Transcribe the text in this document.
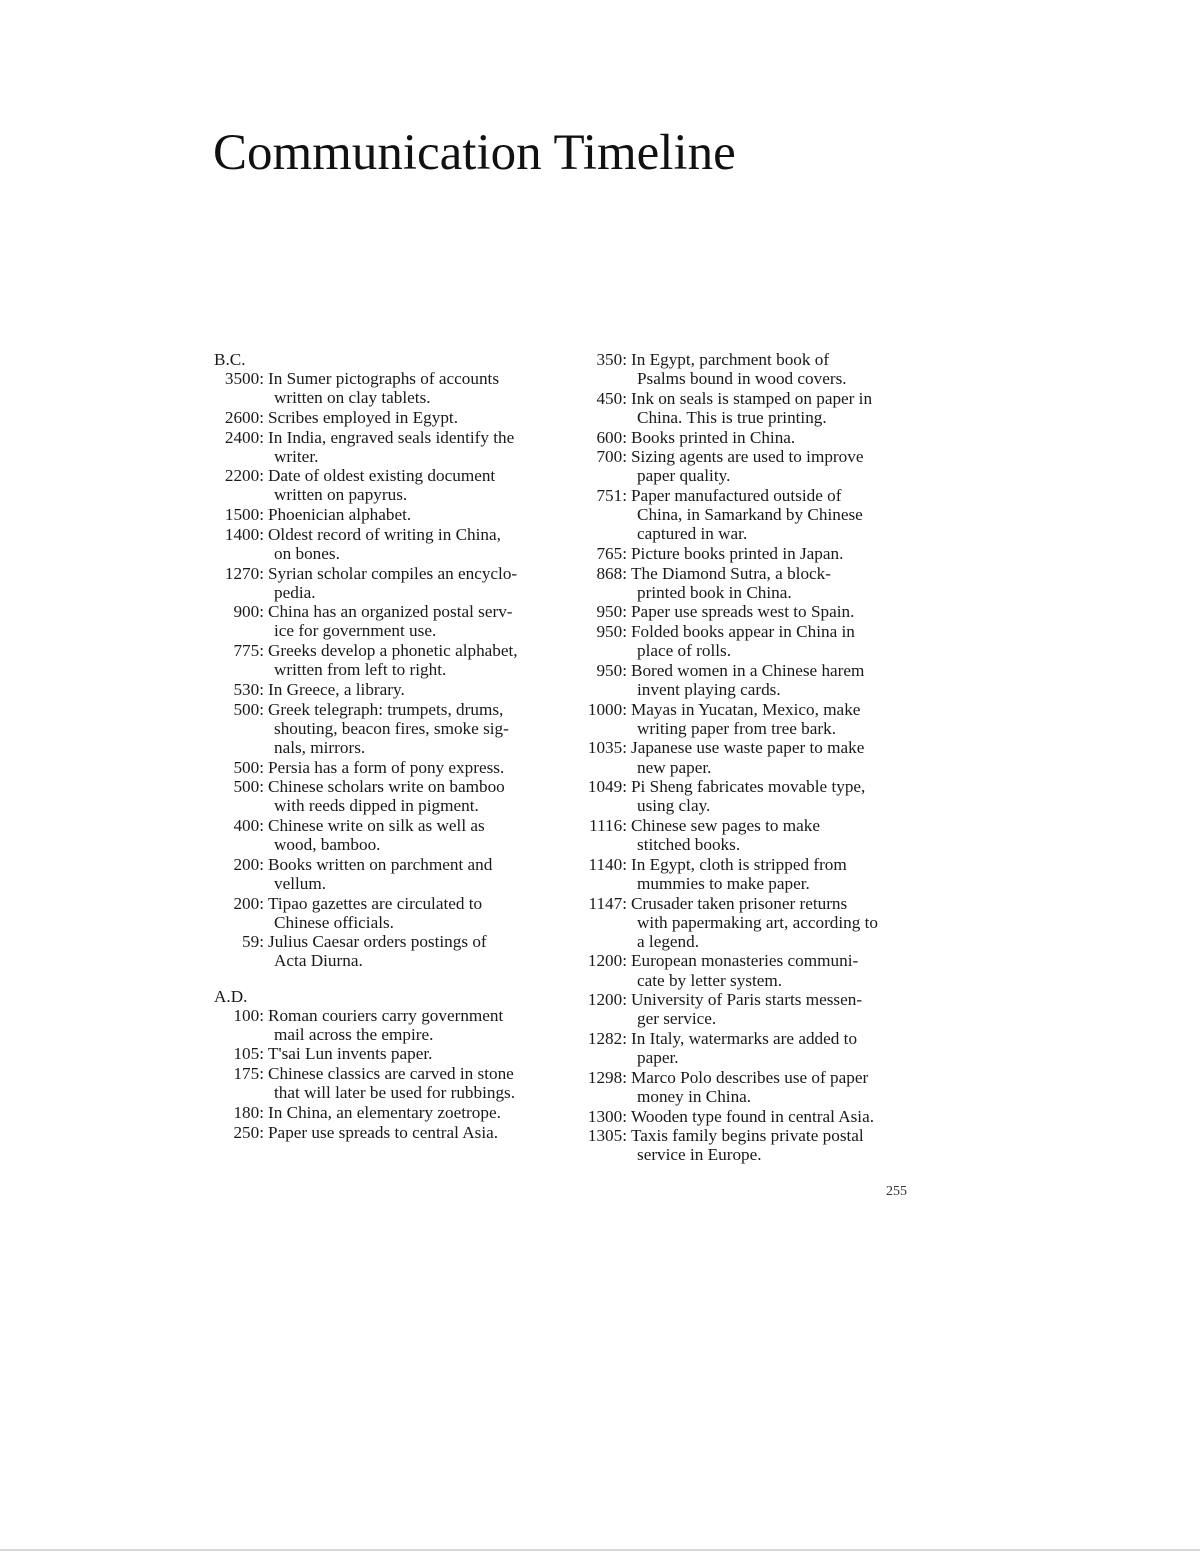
Communication Timeline
B.C.
3500: In Sumer pictographs of accounts
written on clay tablets.
2600: Scribes employed in Egypt.
2400: In India, engraved seals identify the
writer.
2200: Date of oldest existing document
written on papyrus.
1500: Phoenician alphabet.
1400: Oldest record of writing in China,
on bones.
1270: Syrian scholar compiles an encyclo-
pedia.
900: China has an organized postal serv-
ice for government use.
775: Greeks develop a phonetic alphabet,
written from left to right.
530: In Greece, a library.
500: Greek telegraph: trumpets, drums,
shouting, beacon fires, smoke sig-
nals, mirrors.
500: Persia has a form of pony express.
500: Chinese scholars write on bamboo
with reeds dipped in pigment.
400: Chinese write on silk as well as
wood, bamboo.
200: Books written on parchment and
vellum.
200: Tipao gazettes are circulated to
Chinese officials.
59: Julius Caesar orders postings of
Acta Diurna.
A.D.
100: Roman couriers carry government
mail across the empire.
105: T'sai Lun invents paper.
175: Chinese classics are carved in stone
that will later be used for rubbings.
180: In China, an elementary zoetrope.
250: Paper use spreads to central Asia.
350: In Egypt, parchment book of
Psalms bound in wood covers.
450: Ink on seals is stamped on paper in
China. This is true printing.
600: Books printed in China.
700: Sizing agents are used to improve
paper quality.
751: Paper manufactured outside of
China, in Samarkand by Chinese
captured in war.
765: Picture books printed in Japan.
868: The Diamond Sutra, a block-
printed book in China.
950: Paper use spreads west to Spain.
950: Folded books appear in China in
place of rolls.
950: Bored women in a Chinese harem
invent playing cards.
1000: Mayas in Yucatan, Mexico, make
writing paper from tree bark.
1035: Japanese use waste paper to make
new paper.
1049: Pi Sheng fabricates movable type,
using clay.
1116: Chinese sew pages to make
stitched books.
1140: In Egypt, cloth is stripped from
mummies to make paper.
1147: Crusader taken prisoner returns
with papermaking art, according to
a legend.
1200: European monasteries communi-
cate by letter system.
1200: University of Paris starts messen-
ger service.
1282: In Italy, watermarks are added to
paper.
1298: Marco Polo describes use of paper
money in China.
1300: Wooden type found in central Asia.
1305: Taxis family begins private postal
service in Europe.
255
